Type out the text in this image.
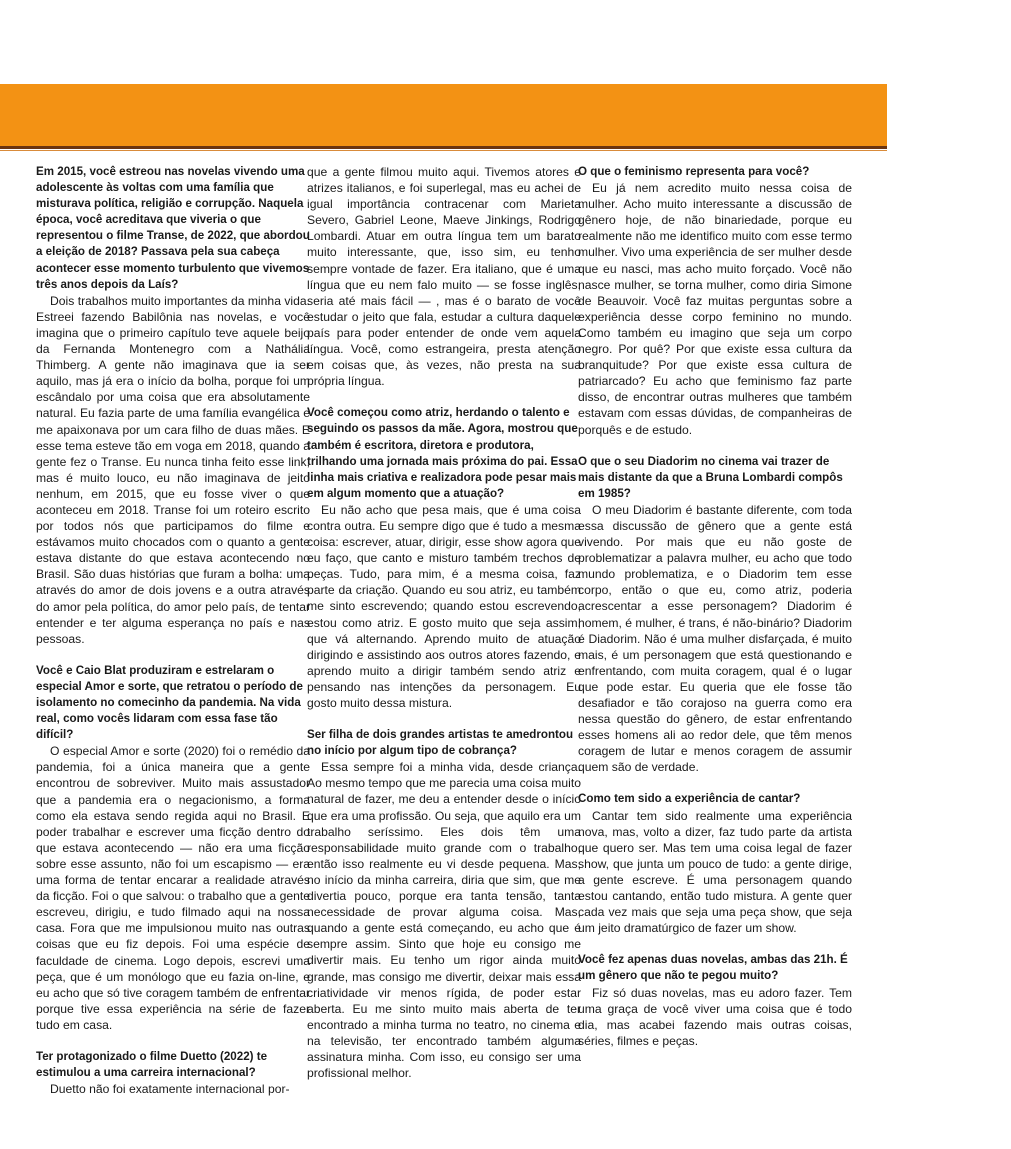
Em 2015, você estreou nas novelas vivendo uma adolescente às voltas com uma família que misturava política, religião e corrupção. Naquela época, você acreditava que viveria o que representou o filme Transe, de 2022, que abordou a eleição de 2018? Passava pela sua cabeça acontecer esse momento turbulento que vivemos três anos depois da Laís?

Dois trabalhos muito importantes da minha vida. Estreei fazendo Babilônia nas novelas, e você imagina que o primeiro capítulo teve aquele beijo da Fernanda Montenegro com a Nathália Thimberg. A gente não imaginava que ia ser aquilo, mas já era o início da bolha, porque foi um escândalo por uma coisa que era absolutamente natural. Eu fazia parte de uma família evangélica e me apaixonava por um cara filho de duas mães. E esse tema esteve tão em voga em 2018, quando a gente fez o Transe. Eu nunca tinha feito esse link, mas é muito louco, eu não imaginava de jeito nenhum, em 2015, que eu fosse viver o que aconteceu em 2018. Transe foi um roteiro escrito por todos nós que participamos do filme e estávamos muito chocados com o quanto a gente estava distante do que estava acontecendo no Brasil. São duas histórias que furam a bolha: uma através do amor de dois jovens e a outra através do amor pela política, do amor pelo país, de tentar entender e ter alguma esperança no país e nas pessoas.

Você e Caio Blat produziram e estrelaram o especial Amor e sorte, que retratou o período de isolamento no comecinho da pandemia. Na vida real, como vocês lidaram com essa fase tão difícil?

O especial Amor e sorte (2020) foi o remédio da pandemia, foi a única maneira que a gente encontrou de sobreviver. Muito mais assustador que a pandemia era o negacionismo, a forma como ela estava sendo regida aqui no Brasil. E poder trabalhar e escrever uma ficção dentro do que estava acontecendo — não era uma ficção sobre esse assunto, não foi um escapismo — era uma forma de tentar encarar a realidade através da ficção. Foi o que salvou: o trabalho que a gente escreveu, dirigiu, e tudo filmado aqui na nossa casa. Fora que me impulsionou muito nas outras coisas que eu fiz depois. Foi uma espécie de faculdade de cinema. Logo depois, escrevi uma peça, que é um monólogo que eu fazia on-line, e eu acho que só tive coragem também de enfrentar porque tive essa experiência na série de fazer tudo em casa.

Ter protagonizado o filme Duetto (2022) te estimulou a uma carreira internacional?

Duetto não foi exatamente internacional por-

que a gente filmou muito aqui. Tivemos atores e atrizes italianos, e foi superlegal, mas eu achei de igual importância contracenar com Marieta Severo, Gabriel Leone, Maeve Jinkings, Rodrigo Lombardi. Atuar em outra língua tem um barato muito interessante, que, isso sim, eu tenho sempre vontade de fazer. Era italiano, que é uma língua que eu nem falo muito — se fosse inglês, seria até mais fácil — , mas é o barato de você estudar o jeito que fala, estudar a cultura daquele país para poder entender de onde vem aquela língua. Você, como estrangeira, presta atenção em coisas que, às vezes, não presta na sua própria língua.

Você começou como atriz, herdando o talento e seguindo os passos da mãe. Agora, mostrou que também é escritora, diretora e produtora, trilhando uma jornada mais próxima do pai. Essa linha mais criativa e realizadora pode pesar mais em algum momento que a atuação?

Eu não acho que pesa mais, que é uma coisa contra outra. Eu sempre digo que é tudo a mesma coisa: escrever, atuar, dirigir, esse show agora que eu faço, que canto e misturo também trechos de peças. Tudo, para mim, é a mesma coisa, faz parte da criação. Quando eu sou atriz, eu também me sinto escrevendo; quando estou escrevendo, estou como atriz. E gosto muito que seja assim, que vá alternando. Aprendo muito de atuação dirigindo e assistindo aos outros atores fazendo, e aprendo muito a dirigir também sendo atriz e pensando nas intenções da personagem. Eu gosto muito dessa mistura.

Ser filha de dois grandes artistas te amedrontou no início por algum tipo de cobrança?

Essa sempre foi a minha vida, desde criança. Ao mesmo tempo que me parecia uma coisa muito natural de fazer, me deu a entender desde o início que era uma profissão. Ou seja, que aquilo era um trabalho seríssimo. Eles dois têm uma responsabilidade muito grande com o trabalho, então isso realmente eu vi desde pequena. Mas, no início da minha carreira, diria que sim, que me divertia pouco, porque era tanta tensão, tanta necessidade de provar alguma coisa. Mas, quando a gente está começando, eu acho que é sempre assim. Sinto que hoje eu consigo me divertir mais. Eu tenho um rigor ainda muito grande, mas consigo me divertir, deixar mais essa criatividade vir menos rígida, de poder estar aberta. Eu me sinto muito mais aberta de ter encontrado a minha turma no teatro, no cinema e na televisão, ter encontrado também alguma assinatura minha. Com isso, eu consigo ser uma profissional melhor.

O que o feminismo representa para você?

Eu já nem acredito muito nessa coisa de mulher. Acho muito interessante a discussão de gênero hoje, de não binariedade, porque eu realmente não me identifico muito com esse termo mulher. Vivo uma experiência de ser mulher desde que eu nasci, mas acho muito forçado. Você não nasce mulher, se torna mulher, como diria Simone de Beauvoir. Você faz muitas perguntas sobre a experiência desse corpo feminino no mundo. Como também eu imagino que seja um corpo negro. Por quê? Por que existe essa cultura da branquitude? Por que existe essa cultura de patriarcado? Eu acho que feminismo faz parte disso, de encontrar outras mulheres que também estavam com essas dúvidas, de companheiras de porquês e de estudo.

O que o seu Diadorim no cinema vai trazer de mais distante da que a Bruna Lombardi compôs em 1985?

O meu Diadorim é bastante diferente, com toda essa discussão de gênero que a gente está vivendo. Por mais que eu não goste de problematizar a palavra mulher, eu acho que todo mundo problematiza, e o Diadorim tem esse corpo, então o que eu, como atriz, poderia acrescentar a esse personagem? Diadorim é homem, é mulher, é trans, é não-binário? Diadorim é Diadorim. Não é uma mulher disfarçada, é muito mais, é um personagem que está questionando e enfrentando, com muita coragem, qual é o lugar que pode estar. Eu queria que ele fosse tão desafiador e tão corajoso na guerra como era nessa questão do gênero, de estar enfrentando esses homens ali ao redor dele, que têm menos coragem de lutar e menos coragem de assumir quem são de verdade.

Como tem sido a experiência de cantar?

Cantar tem sido realmente uma experiência nova, mas, volto a dizer, faz tudo parte da artista que quero ser. Mas tem uma coisa legal de fazer show, que junta um pouco de tudo: a gente dirige, a gente escreve. É uma personagem quando estou cantando, então tudo mistura. A gente quer cada vez mais que seja uma peça show, que seja um jeito dramatúrgico de fazer um show.

Você fez apenas duas novelas, ambas das 21h. É um gênero que não te pegou muito?

Fiz só duas novelas, mas eu adoro fazer. Tem uma graça de você viver uma coisa que é todo dia, mas acabei fazendo mais outras coisas, séries, filmes e peças.
